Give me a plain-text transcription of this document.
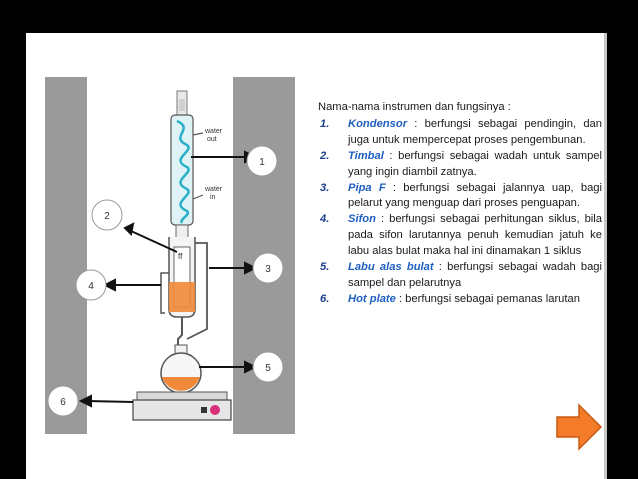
water
out
water
in
ff
1
2
3
4
5
6

Nama-nama instrumen dan fungsinya :

1. Kondensor : berfungsi sebagai pendingin, dan juga untuk mempercepat proses pengembunan.
2. Timbal : berfungsi sebagai wadah untuk sampel yang ingin diambil zatnya.
3. Pipa F : berfungsi sebagai jalannya uap, bagi pelarut yang menguap dari proses penguapan.
4. Sifon : berfungsi sebagai perhitungan siklus, bila pada sifon larutannya penuh kemudian jatuh ke labu alas bulat maka hal ini dinamakan 1 siklus
5. Labu alas bulat : berfungsi sebagai wadah bagi sampel dan pelarutnya
6. Hot plate : berfungsi sebagai pemanas larutan
